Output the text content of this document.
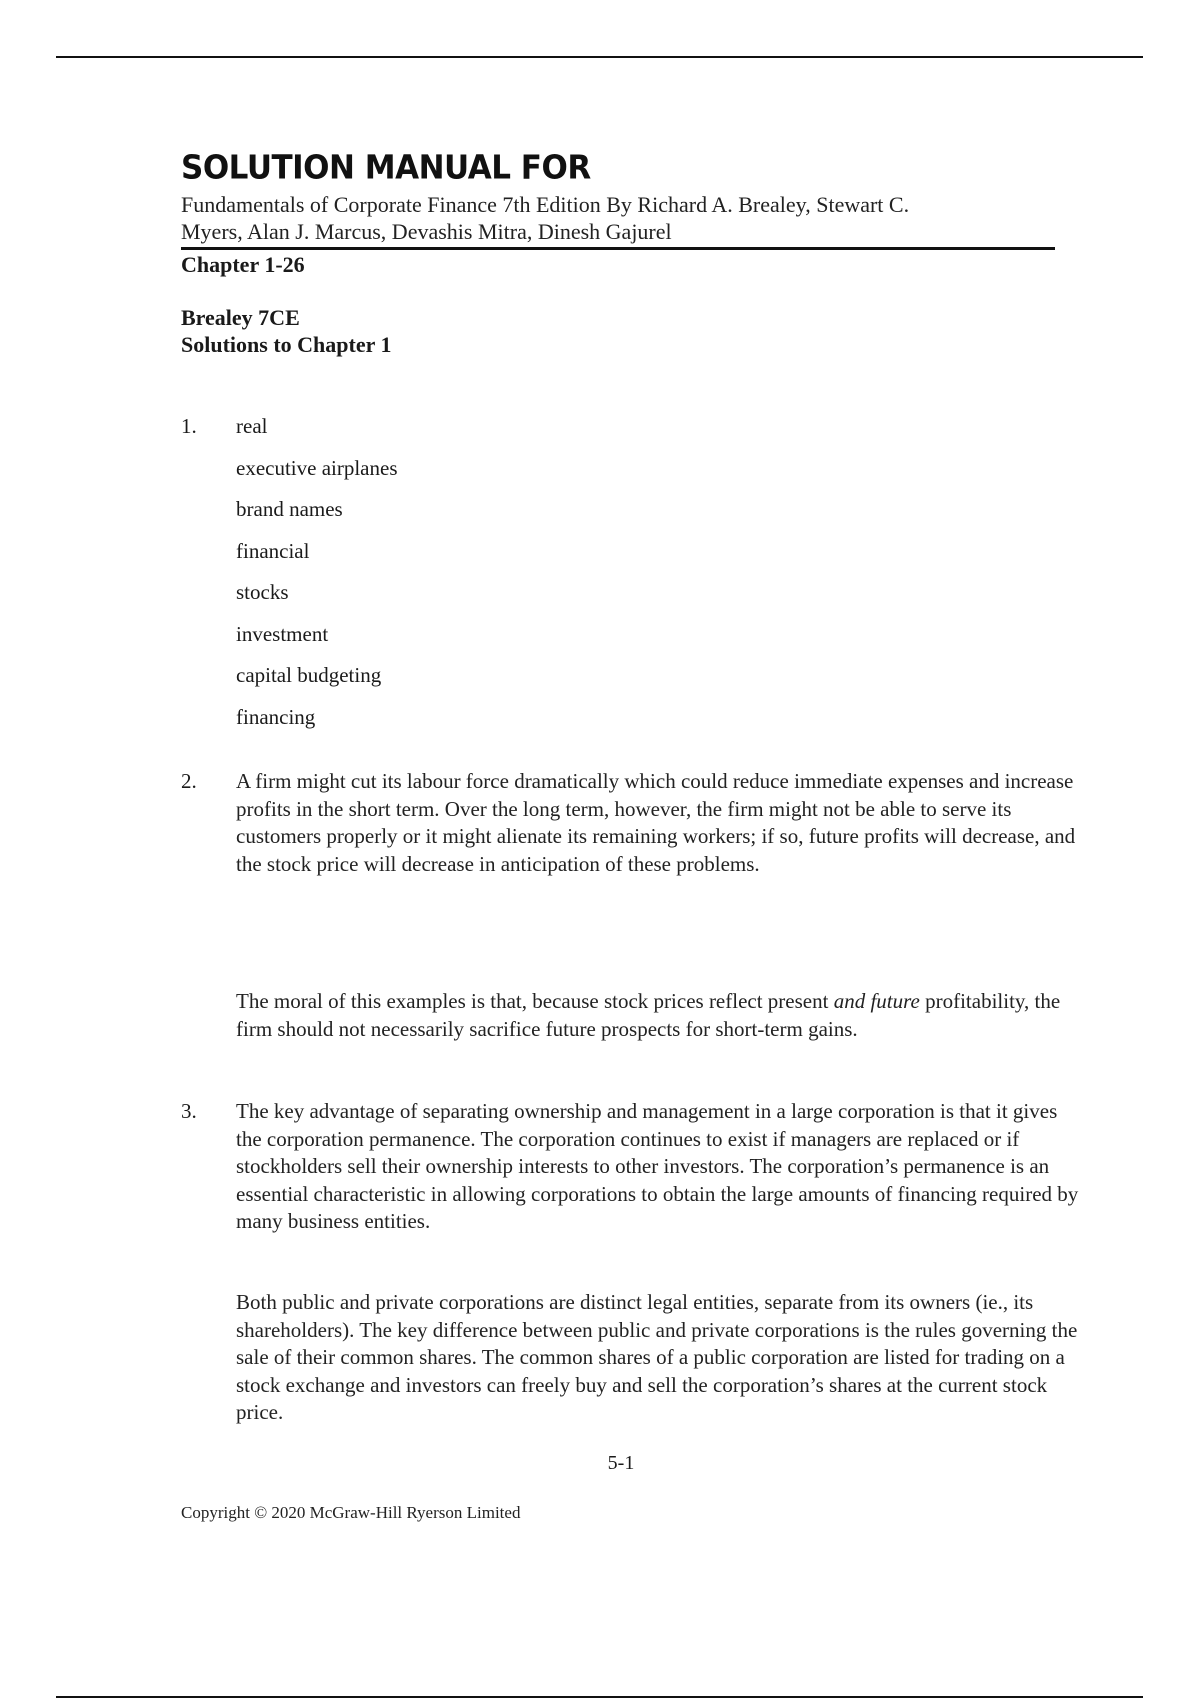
SOLUTION MANUAL FOR
Fundamentals of Corporate Finance 7th Edition By Richard A. Brealey, Stewart C.
Myers, Alan J. Marcus, Devashis Mitra, Dinesh Gajurel
Chapter 1-26
Brealey 7CE
Solutions to Chapter 1
1. real
executive airplanes
brand names
financial
stocks
investment
capital budgeting
financing
2. A firm might cut its labour force dramatically which could reduce immediate expenses and increase profits in the short term. Over the long term, however, the firm might not be able to serve its customers properly or it might alienate its remaining workers; if so, future profits will decrease, and the stock price will decrease in anticipation of these problems.
The moral of this examples is that, because stock prices reflect present and future profitability, the firm should not necessarily sacrifice future prospects for short-term gains.
3. The key advantage of separating ownership and management in a large corporation is that it gives the corporation permanence. The corporation continues to exist if managers are replaced or if stockholders sell their ownership interests to other investors. The corporation’s permanence is an essential characteristic in allowing corporations to obtain the large amounts of financing required by many business entities.
Both public and private corporations are distinct legal entities, separate from its owners (ie., its shareholders). The key difference between public and private corporations is the rules governing the sale of their common shares. The common shares of a public corporation are listed for trading on a stock exchange and investors can freely buy and sell the corporation’s shares at the current stock price.
5-1
Copyright © 2020 McGraw-Hill Ryerson Limited
